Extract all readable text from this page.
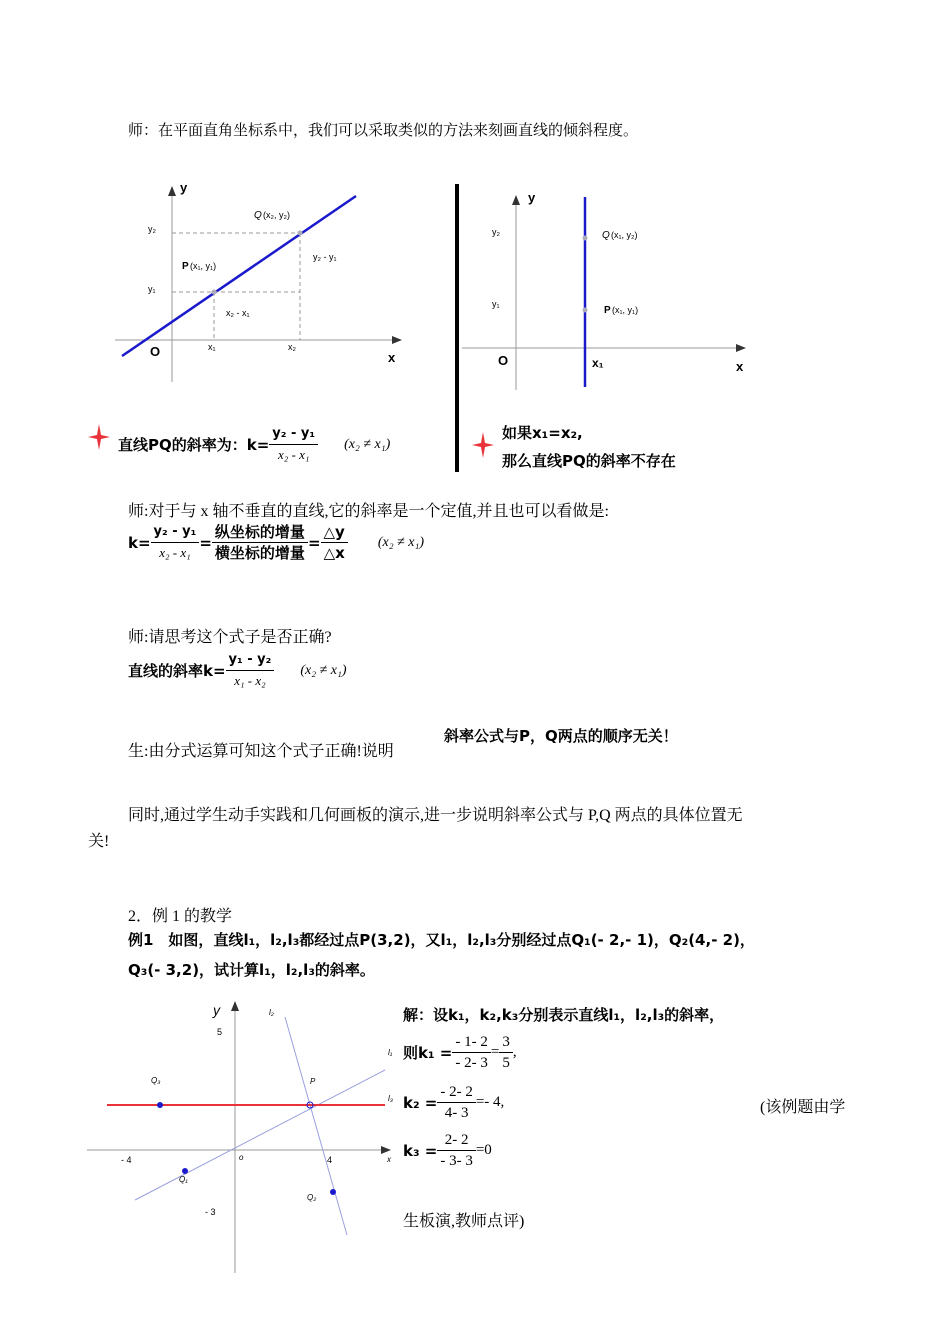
师：在平面直角坐标系中，我们可以采取类似的方法来刻画直线的倾斜程度。
y
x
O
Q (x₂, y₂)
P (x₁, y₁)
y₂
y₁
x₁	x₂
y₂ - y₁
x₂ - x₁
y
x
O
y₂
y₁
x₁
Q (x₁, y₂)
P (x₁, y₁)
直线PQ的斜率为： $k= \frac{\text{y₂ - y₁}}{\text{x₂ - x₁}} (x_2 \ne x_1)$
如果x₁=x₂,
那么直线PQ的斜率不存在
师:对于与 x 轴不垂直的直线,它的斜率是一个定值,并且也可以看做是:
$k= \frac{\text{y₂ - y₁}}{\text{x₂ - x₁}} = \frac{\text{纵坐标的增量}}{\text{横坐标的增量}} = \frac{\triangle y}{\triangle x} (x_2 \ne x_1)$
师:请思考这个式子是否正确?
直线的斜率$k= \frac{\text{y₁ - y₂}}{\text{x₁ - x₂}} (x_2 \ne x_1)$
生:由分式运算可知这个式子正确!说明
斜率公式与P，Q两点的顺序无关！
同时,通过学生动手实践和几何画板的演示,进一步说明斜率公式与 P,Q 两点的具体位置无
关!
2．例 1 的教学
例1　如图，直线l₁，l₂,l₃都经过点P(3,2)，又l₁，l₂,l₃分别经过点Q₁(- 2,- 1)，Q₂(4,- 2)，
Q₃(- 3,2)，试计算l₁，l₂,l₃的斜率。
y
x
o
5
- 3
- 4	4
l₂
l₁
l₃
P
Q₁
Q₂
Q₃
解：设k₁，k₂,k₃分别表示直线l₁，l₂,l₃的斜率，
则$k_1 = \frac{- 1- 2}{- 2- 3} = \frac{3}{5}$ ,
$k_2 = \frac{- 2- 2}{4- 3} =- 4$,	(该例题由学
$k_3 = \frac{2- 2}{- 3- 3} =0$
生板演,教师点评)
